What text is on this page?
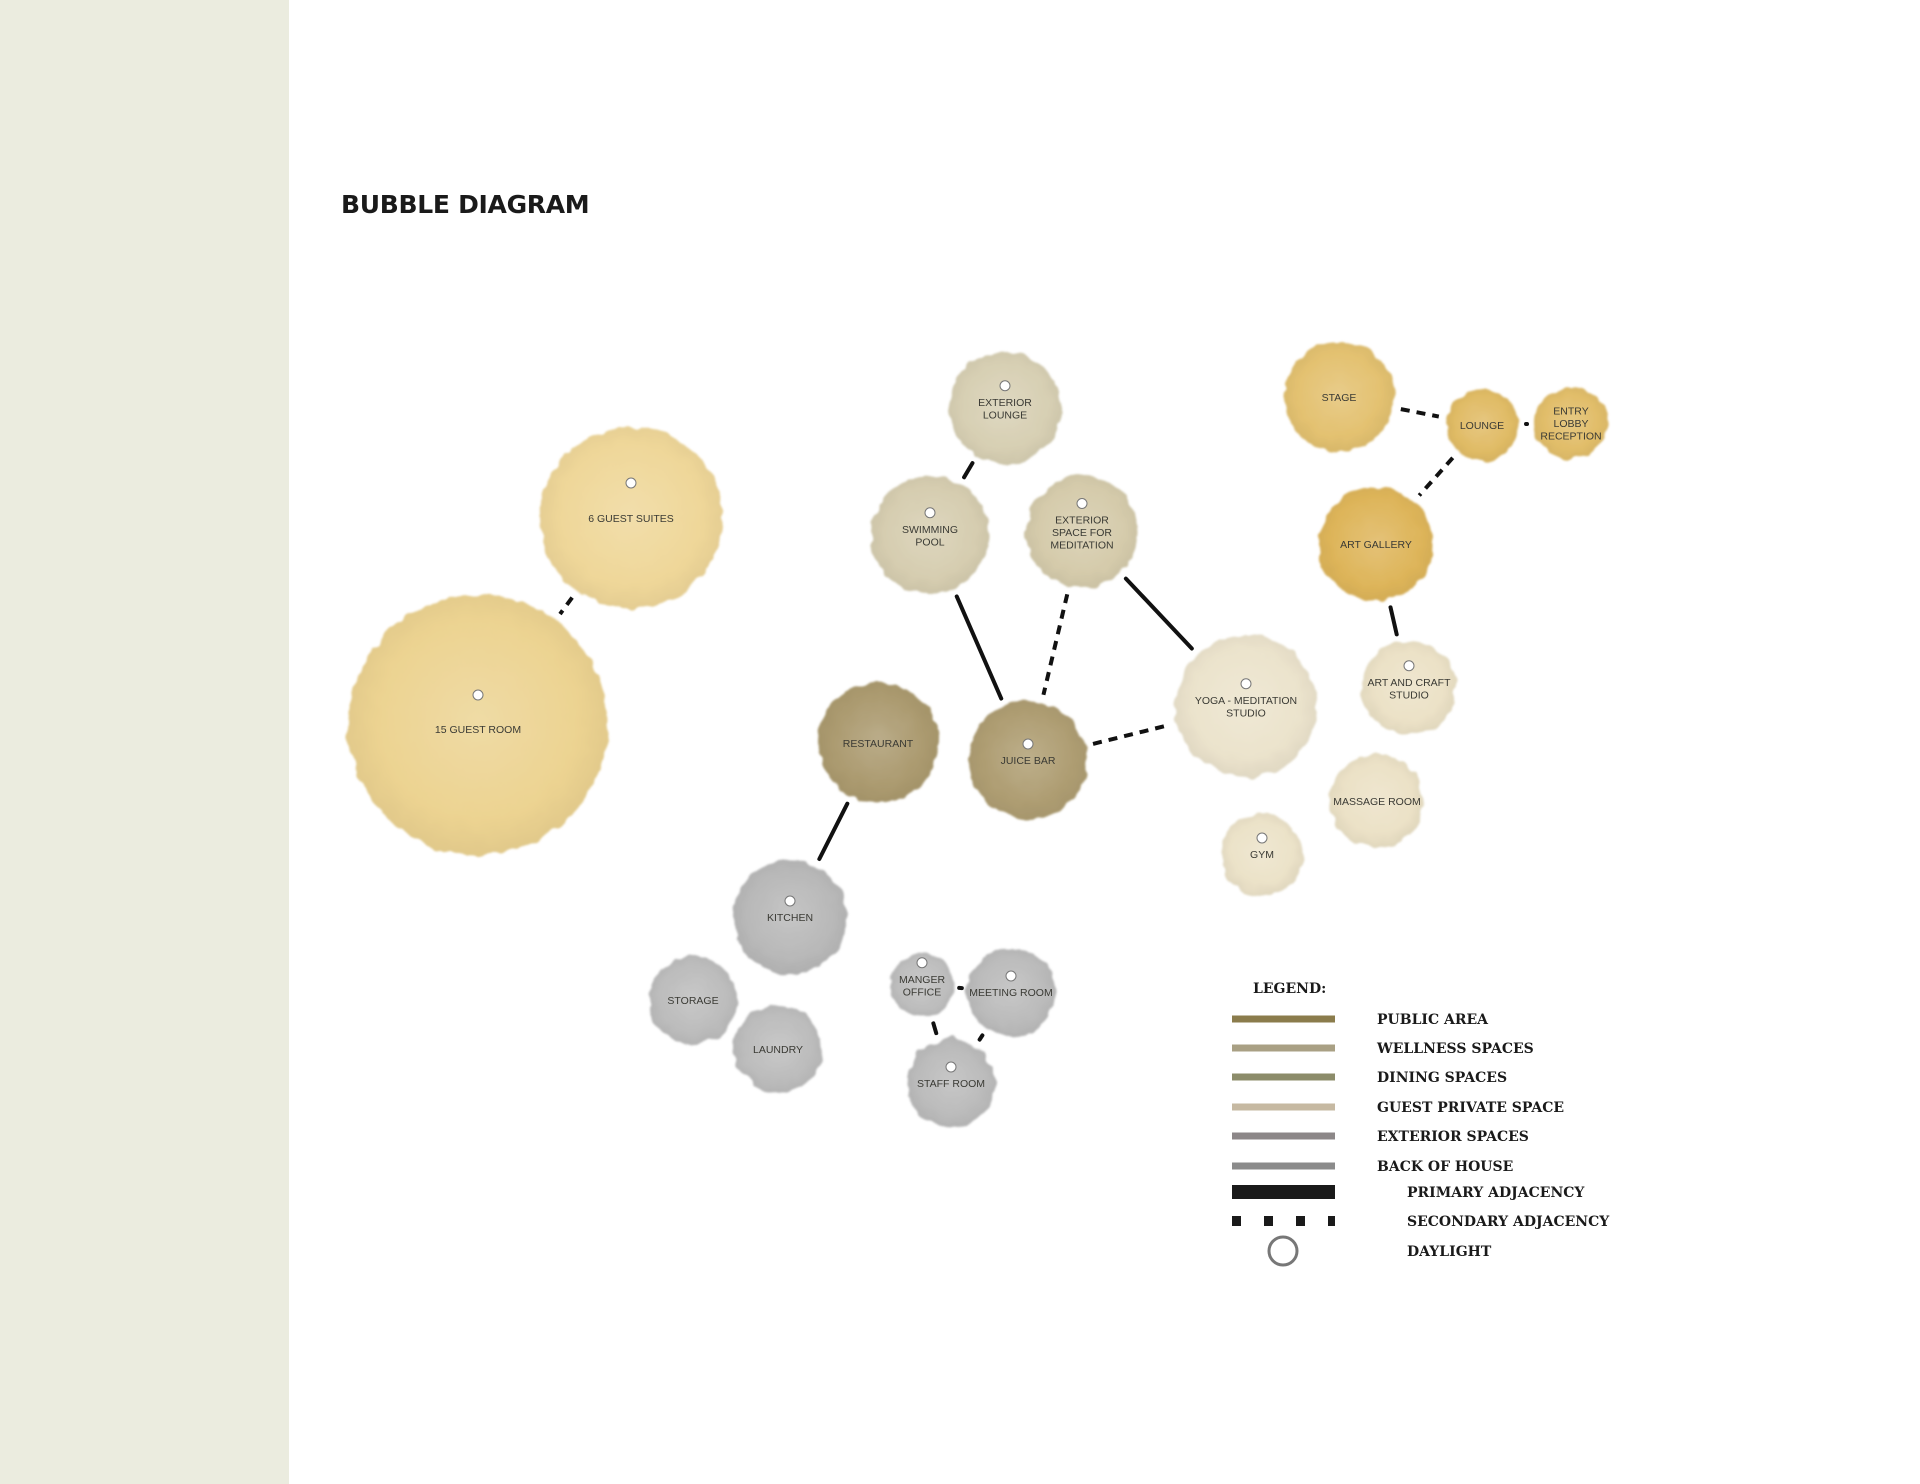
BUBBLE DIAGRAM
15 GUEST ROOM
6 GUEST SUITES
EXTERIOR
LOUNGE
SWIMMING
POOL
EXTERIOR
SPACE FOR
MEDITATION
RESTAURANT
JUICE BAR
YOGA - MEDITATION
STUDIO
STAGE
LOUNGE
ENTRY
LOBBY
RECEPTION
ART GALLERY
ART AND CRAFT
STUDIO
MASSAGE ROOM
GYM
KITCHEN
STORAGE
LAUNDRY
MANGER
OFFICE	MEETING ROOM
STAFF ROOM
LEGEND:
PUBLIC AREA
WELLNESS SPACES
DINING SPACES
GUEST PRIVATE SPACE
EXTERIOR SPACES
BACK OF HOUSE
PRIMARY ADJACENCY
SECONDARY ADJACENCY
DAYLIGHT
